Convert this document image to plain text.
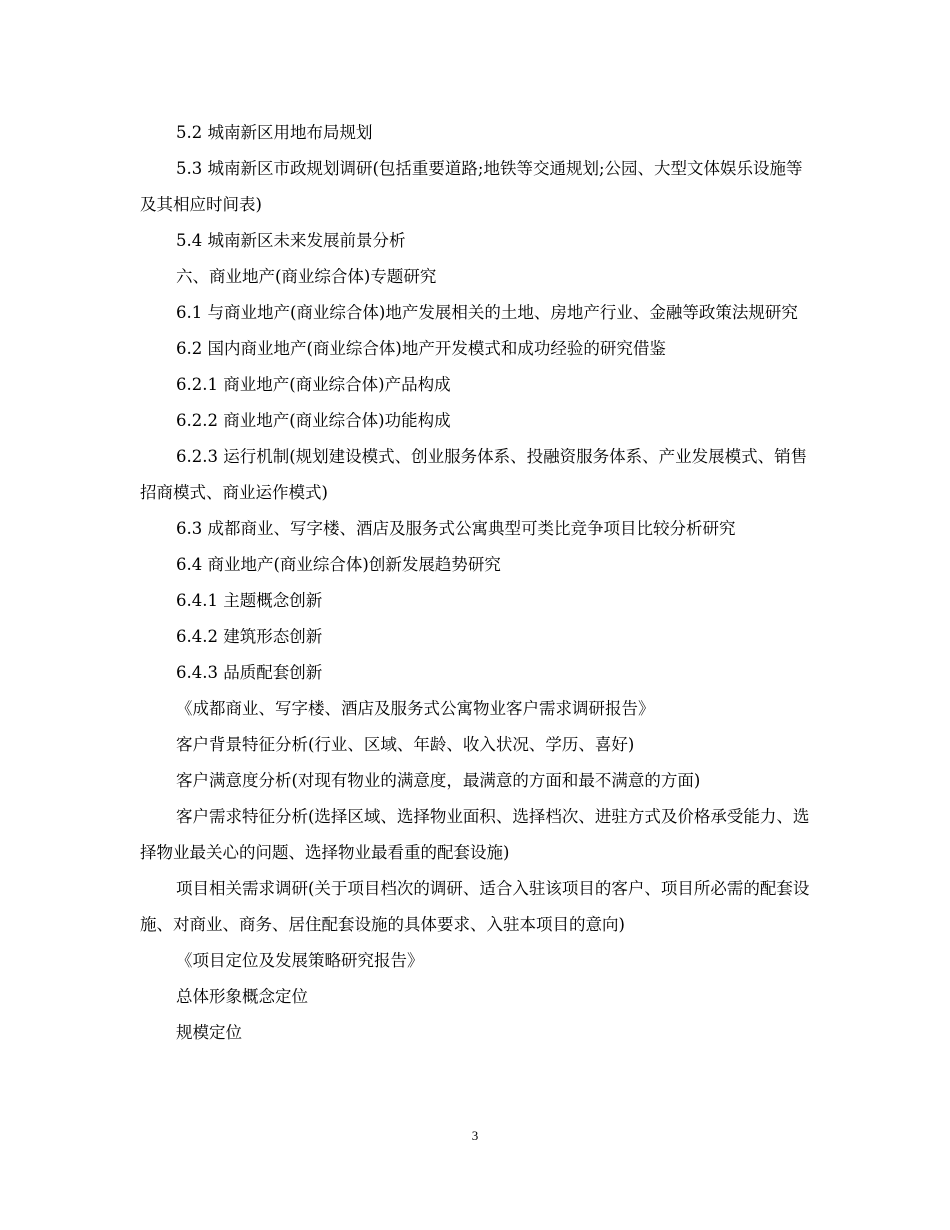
5.2 城南新区用地布局规划

5.3 城南新区市政规划调研(包括重要道路;地铁等交通规划;公园、大型文体娱乐设施等及其相应时间表)

5.4 城南新区未来发展前景分析

六、商业地产(商业综合体)专题研究

6.1 与商业地产(商业综合体)地产发展相关的土地、房地产行业、金融等政策法规研究

6.2 国内商业地产(商业综合体)地产开发模式和成功经验的研究借鉴

6.2.1 商业地产(商业综合体)产品构成

6.2.2 商业地产(商业综合体)功能构成

6.2.3 运行机制(规划建设模式、创业服务体系、投融资服务体系、产业发展模式、销售招商模式、商业运作模式)

6.3 成都商业、写字楼、酒店及服务式公寓典型可类比竞争项目比较分析研究

6.4 商业地产(商业综合体)创新发展趋势研究

6.4.1 主题概念创新

6.4.2 建筑形态创新

6.4.3 品质配套创新

《成都商业、写字楼、酒店及服务式公寓物业客户需求调研报告》

客户背景特征分析(行业、区域、年龄、收入状况、学历、喜好)

客户满意度分析(对现有物业的满意度，最满意的方面和最不满意的方面)

客户需求特征分析(选择区域、选择物业面积、选择档次、进驻方式及价格承受能力、选择物业最关心的问题、选择物业最看重的配套设施)

项目相关需求调研(关于项目档次的调研、适合入驻该项目的客户、项目所必需的配套设施、对商业、商务、居住配套设施的具体要求、入驻本项目的意向)

《项目定位及发展策略研究报告》

总体形象概念定位

规模定位

3
